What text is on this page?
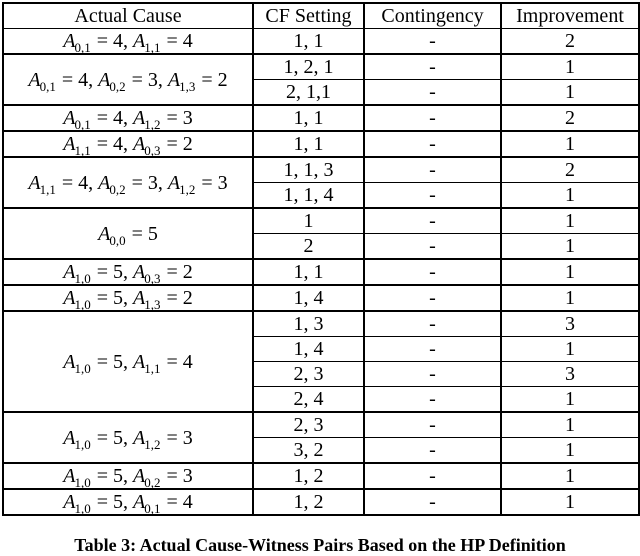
Actual Cause	CF Setting	Contingency	Improvement
$A_{0,1} = 4$, $A_{1,1} = 4$	1, 1	-	2
$A_{0,1} = 4$, $A_{0,2} = 3$, $A_{1,3} = 2$	1, 2, 1	-	1
	2, 1,1	-	1
$A_{0,1} = 4$, $A_{1,2} = 3$	1, 1	-	2
$A_{1,1} = 4$, $A_{0,3} = 2$	1, 1	-	1
$A_{1,1} = 4$, $A_{0,2} = 3$, $A_{1,2} = 3$	1, 1, 3	-	2
	1, 1, 4	-	1
$A_{0,0} = 5$	1	-	1
	2	-	1
$A_{1,0} = 5$, $A_{0,3} = 2$	1, 1	-	1
$A_{1,0} = 5$, $A_{1,3} = 2$	1, 4	-	1
$A_{1,0} = 5$, $A_{1,1} = 4$	1, 3	-	3
	1, 4	-	1
	2, 3	-	3
	2, 4	-	1
$A_{1,0} = 5$, $A_{1,2} = 3$	2, 3	-	1
	3, 2	-	1
$A_{1,0} = 5$, $A_{0,2} = 3$	1, 2	-	1
$A_{1,0} = 5$, $A_{0,1} = 4$	1, 2	-	1
Table 3: Actual Cause-Witness Pairs Based on the HP Definition
